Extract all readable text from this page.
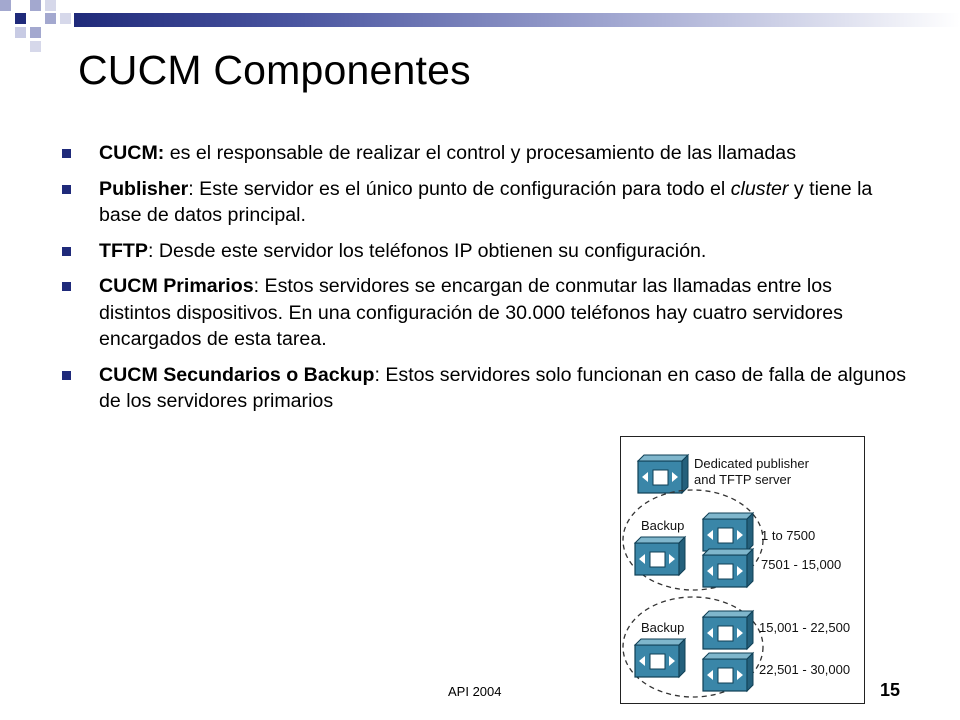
CUCM Componentes
CUCM: es el responsable de realizar el control y procesamiento de las llamadas
Publisher: Este servidor es el único punto de configuración para todo el cluster y tiene la base de datos principal.
TFTP: Desde este servidor los teléfonos IP obtienen su configuración.
CUCM Primarios: Estos servidores se encargan de conmutar las llamadas entre los distintos dispositivos. En una configuración de 30.000 teléfonos hay cuatro servidores encargados de esta tarea.
CUCM Secundarios o Backup: Estos servidores solo funcionan en caso de falla de algunos de los servidores primarios
Dedicated publisher
and TFTP server
Backup
1 to 7500
7501 - 15,000
Backup	15,001 - 22,500
22,501 - 30,000
API 2004	15
